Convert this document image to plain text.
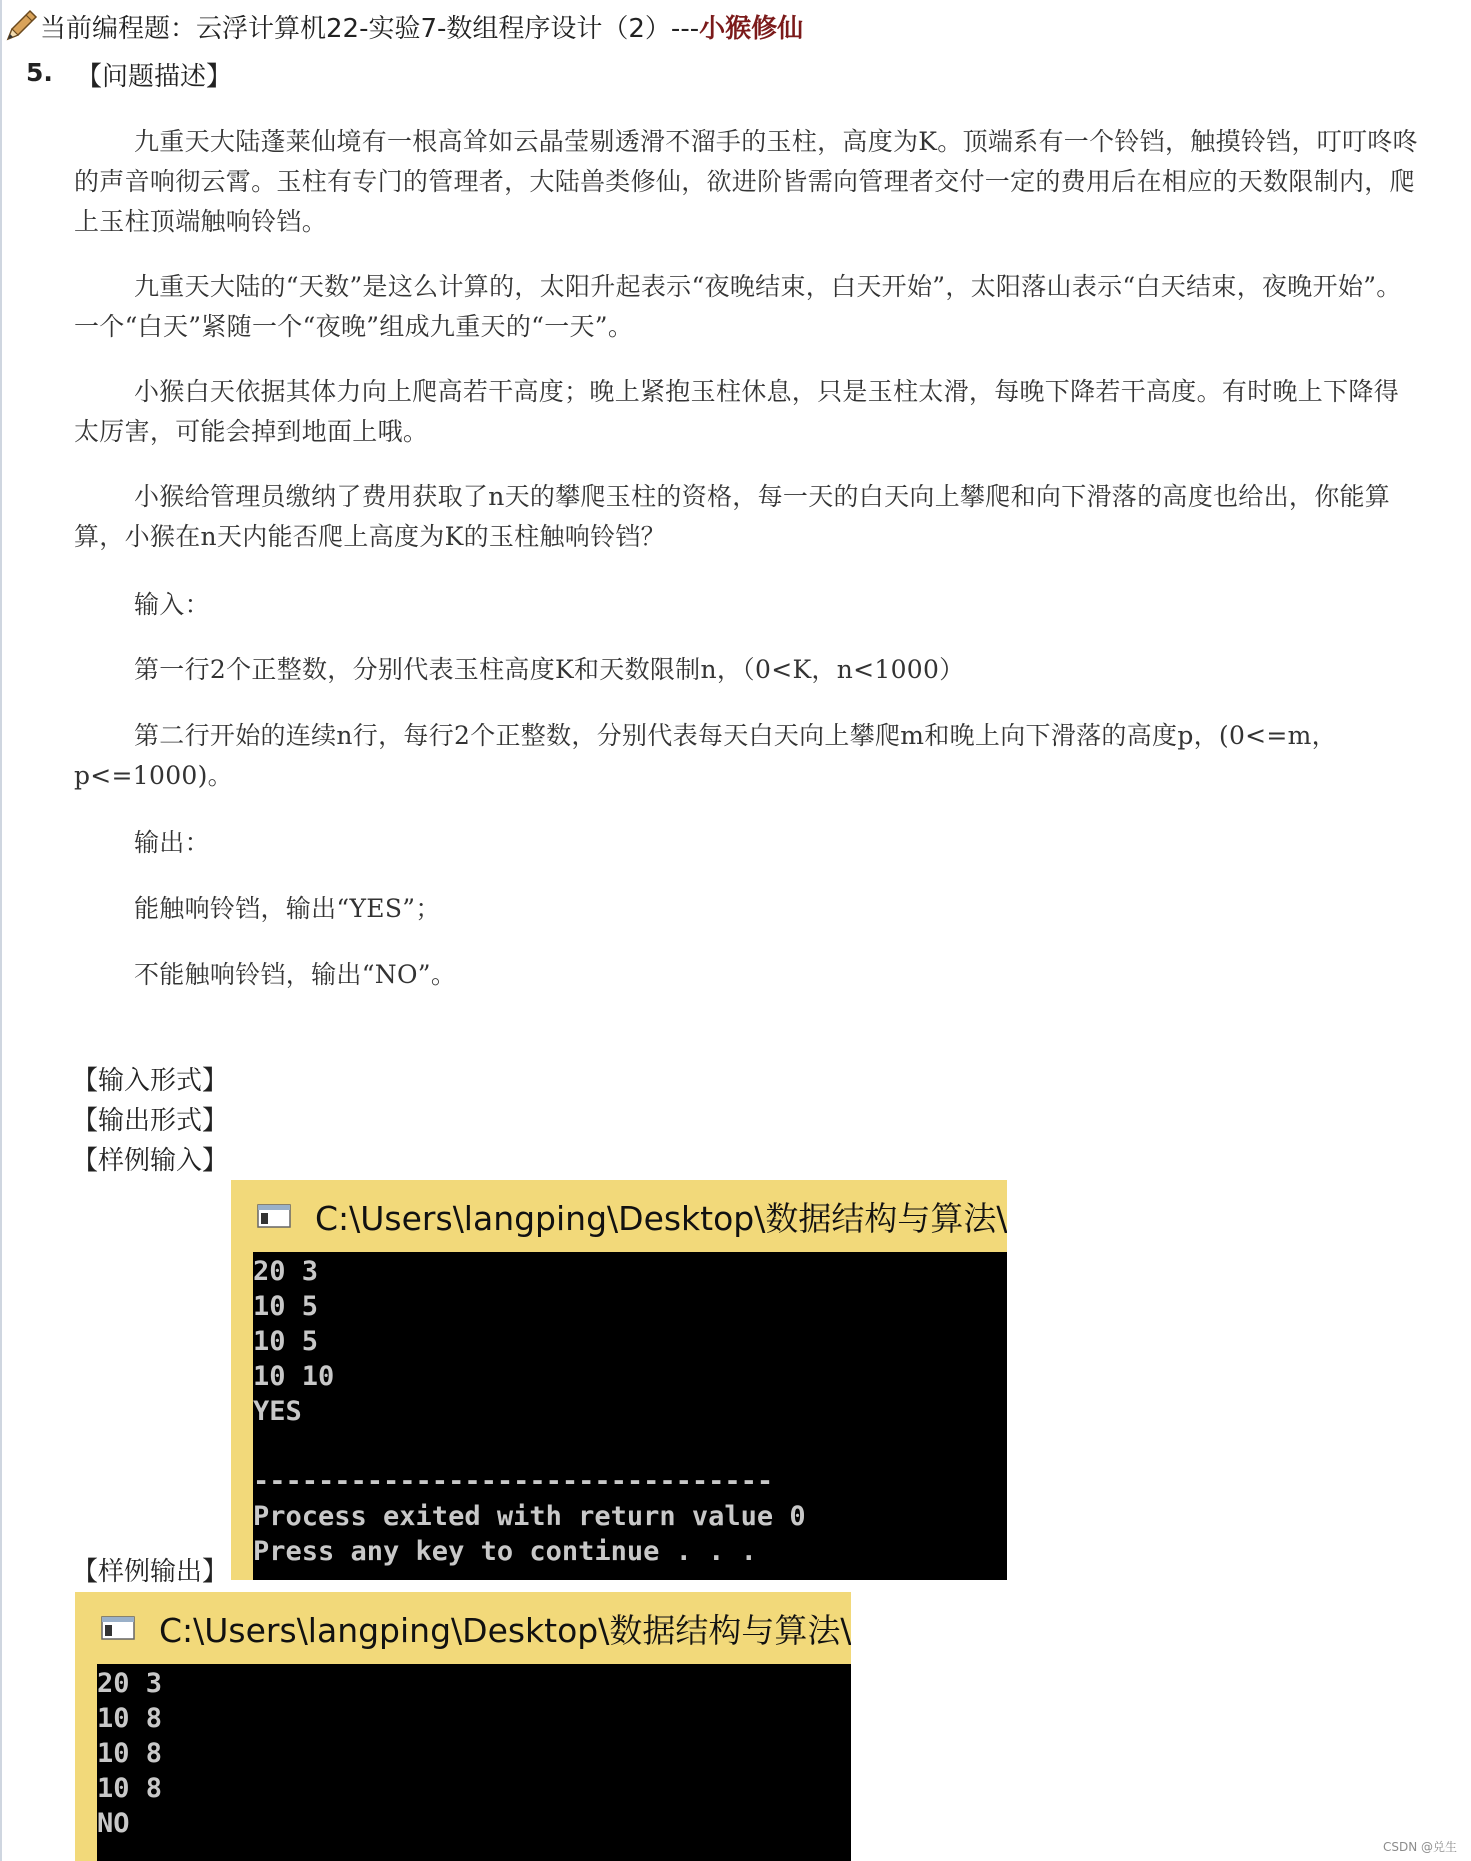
当前编程题：云浮计算机22-实验7-数组程序设计（2）--- 小猴修仙
5. 【问题描述】
九重天大陆蓬莱仙境有一根高耸如云晶莹剔透滑不溜手的玉柱，高度为K。顶端系有一个铃铛，触摸铃铛，叮叮咚咚的声音响彻云霄。玉柱有专门的管理者，大陆兽类修仙，欲进阶皆需向管理者交付一定的费用后在相应的天数限制内，爬上玉柱顶端触响铃铛。
九重天大陆的“天数”是这么计算的，太阳升起表示“夜晚结束，白天开始”，太阳落山表示“白天结束，夜晚开始”。一个“白天”紧随一个“夜晚”组成九重天的“一天”。
小猴白天依据其体力向上爬高若干高度；晚上紧抱玉柱休息，只是玉柱太滑，每晚下降若干高度。有时晚上下降得太厉害，可能会掉到地面上哦。
小猴给管理员缴纳了费用获取了n天的攀爬玉柱的资格，每一天的白天向上攀爬和向下滑落的高度也给出，你能算算，小猴在n天内能否爬上高度为K的玉柱触响铃铛？
输入：
第一行2个正整数，分别代表玉柱高度K和天数限制n，（0<K，n<1000）
第二行开始的连续n行，每行2个正整数，分别代表每天白天向上攀爬m和晚上向下滑落的高度p，(0<=m，p<=1000)。
输出：
能触响铃铛，输出“YES”；
不能触响铃铛，输出“NO”。
【输入形式】
【输出形式】
【样例输入】
C:\Users\langping\Desktop\数据结构与算法\
20 3
10 5
10 5
10 10
YES
--------------------------------
Process exited with return value 0
Press any key to continue . . .
【样例输出】
C:\Users\langping\Desktop\数据结构与算法\
20 3
10 8
10 8
10 8
NO
CSDN @兑生
